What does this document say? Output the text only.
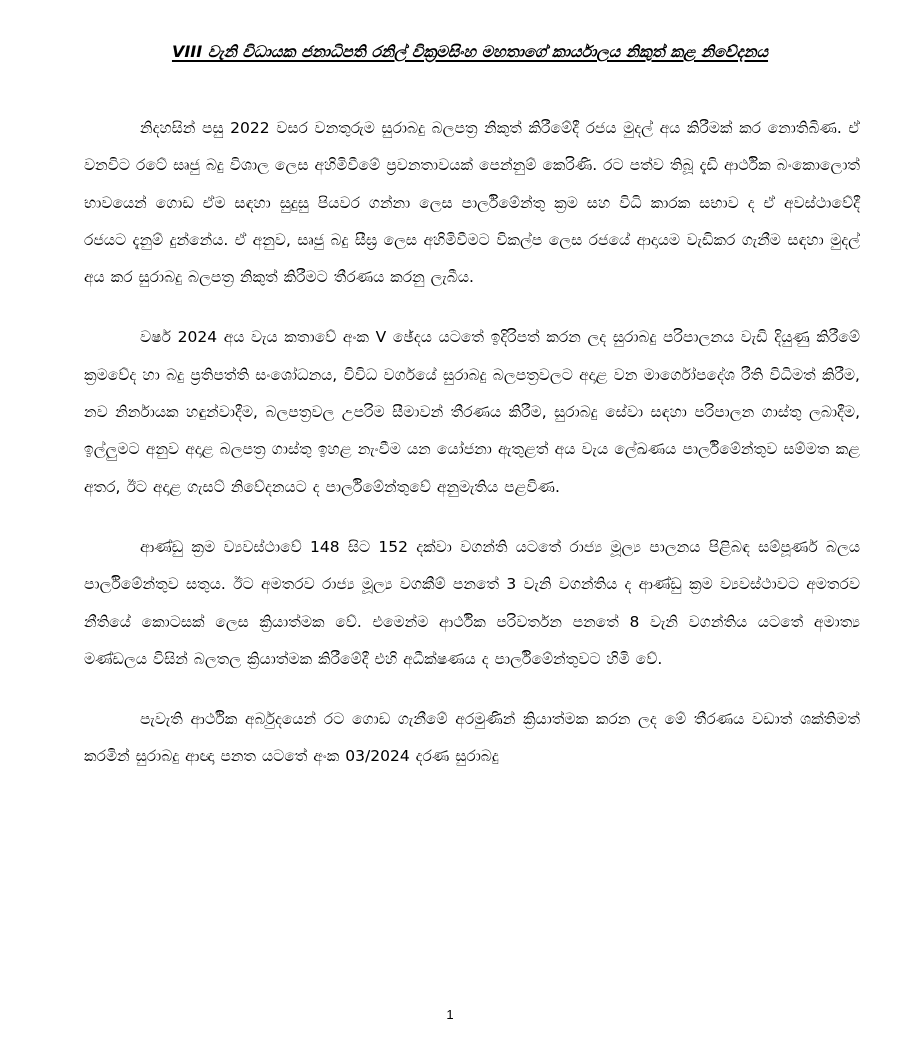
VIII වැනි විධායක ජනාධිපති රනිල් වික්‍රමසිංහ මහතාගේ කාර්යාලය නිකුත් කළ නිවේදනය

නිදහසින් පසු 2022 වසර වනතුරුම සුරාබදු බලපත්‍ර නිකුත් කිරීමේදී රජය මුදල් අය කිරීමක් කර නොතිබිණ. ඒ වනවිට රටේ සෘජු බදු විශාල ලෙස අහිමිවීමේ ප්‍රවනතාවයක් පෙන්නුම් කෙරිණි. රට පත්ව තිබූ දැඩි ආර්ථික බංකොලොත් භාවයෙන් ගොඩ ඒම සඳහා සුදුසු පියවර ගන්නා ලෙස පාර්ලිමේන්තු ක්‍රම සහ විධි කාරක සභාව ද ඒ අවස්ථාවේදී රජයට දැනුම් දුන්නේය. ඒ අනුව, සෘජු බදු සීඝ්‍ර ලෙස අහිමිවීමට විකල්ප ලෙස රජයේ ආදායම වැඩිකර ගැනීම සඳහා මුදල් අය කර සුරාබදු බලපත්‍ර නිකුත් කිරීමට තීරණය කරනු ලැබීය.

වර්ෂ 2024 අය වැය කතාවේ අංක V ඡේදය යටතේ ඉදිරිපත් කරන ලද සුරාබදු පරිපාලනය වැඩි දියුණු කිරීමේ ක්‍රමවේද හා බදු ප්‍රතිපත්ති සංශෝධනය, විවිධ වර්ගයේ සුරාබදු බලපත්‍රවලට අදාළ වන මාර්ගෝපදේශ රීති විධිමත් කිරීම, නව නිර්නායක හඳුන්වාදීම, බලපත්‍රවල උපරිම සීමාවන් තීරණය කිරීම, සුරාබදු සේවා සඳහා පරිපාලන ගාස්තු ලබාදීම, ඉල්ලුමට අනුව අදාළ බලපත්‍ර ගාස්තු ඉහළ නැංවීම යන යෝජනා ඇතුළත් අය වැය ලේඛණය පාර්ලිමේන්තුව සම්මත කළ අතර, ඊට අදාළ ගැසට් නිවේදනයට ද පාර්ලිමේන්තුවේ අනුමැතිය පළවිණ.

ආණ්ඩු ක්‍රම ව්‍යවස්ථාවේ 148 සිට 152 දක්වා වගන්ති යටතේ රාජ්‍ය මූල්‍ය පාලනය පිළිබඳ සම්පූර්ණ බලය පාර්ලිමේන්තුව සතුය. ඊට අමතරව රාජ්‍ය මූල්‍ය වගකීම් පනතේ 3 වැනි වගන්තිය ද ආණ්ඩු ක්‍රම ව්‍යවස්ථාවට අමතරව නීතියේ කොටසක් ලෙස ක්‍රියාත්මක වේ. එමෙන්ම ආර්ථික පරිවර්තන පනතේ 8 වැනි වගන්තිය යටතේ අමාත්‍ය මණ්ඩලය විසින් බලතල ක්‍රියාත්මක කිරීමේදී එහි අධීක්ෂණය ද පාර්ලිමේන්තුවට හිමි වේ.

පැවැති ආර්ථික අර්බුදයෙන් රට ගොඩ ගැනීමේ අරමුණින් ක්‍රියාත්මක කරන ලද මේ තීරණය වඩාත් ශක්තිමත් කරමින් සුරාබදු ආඥා පනත යටතේ අංක 03/2024 දරණ සුරාබදු

1
